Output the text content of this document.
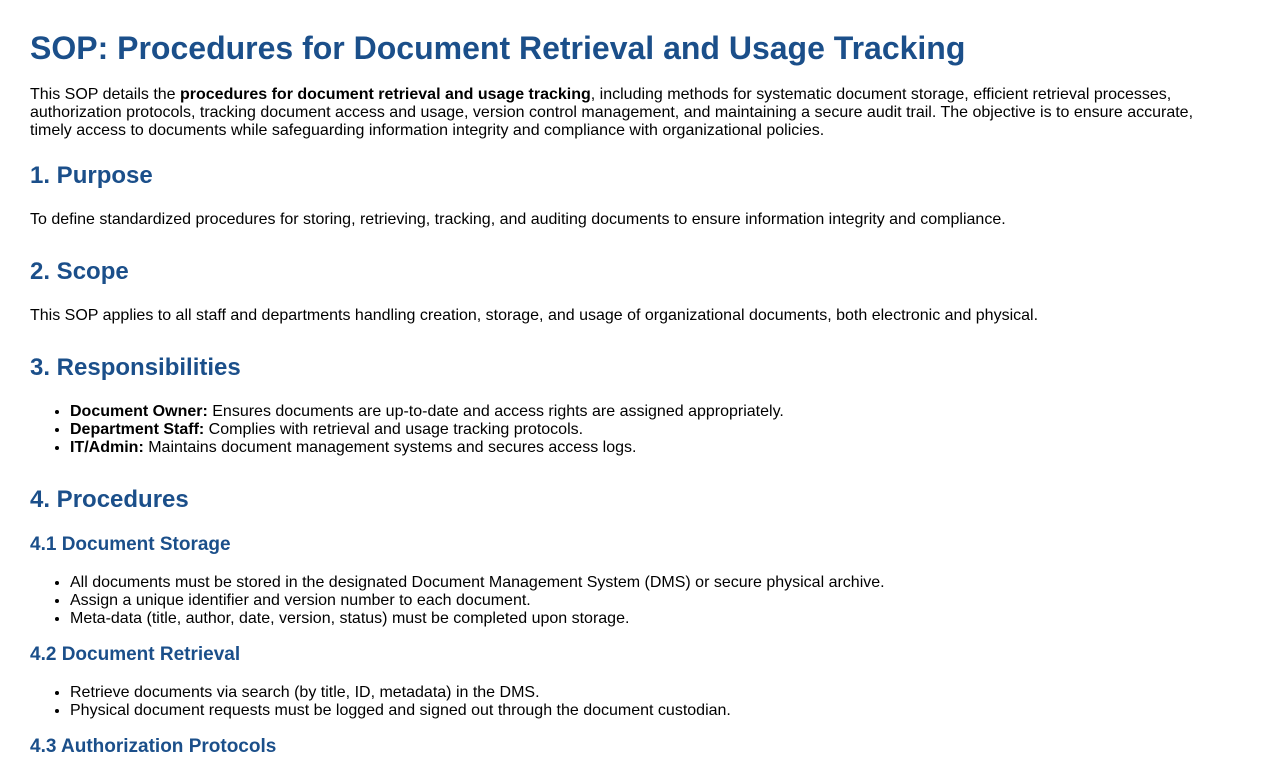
SOP: Procedures for Document Retrieval and Usage Tracking

This SOP details the procedures for document retrieval and usage tracking, including methods for systematic document storage, efficient retrieval processes, authorization protocols, tracking document access and usage, version control management, and maintaining a secure audit trail. The objective is to ensure accurate, timely access to documents while safeguarding information integrity and compliance with organizational policies.

1. Purpose

To define standardized procedures for storing, retrieving, tracking, and auditing documents to ensure information integrity and compliance.

2. Scope

This SOP applies to all staff and departments handling creation, storage, and usage of organizational documents, both electronic and physical.

3. Responsibilities
• Document Owner: Ensures documents are up-to-date and access rights are assigned appropriately.
• Department Staff: Complies with retrieval and usage tracking protocols.
• IT/Admin: Maintains document management systems and secures access logs.
4. Procedures
4.1 Document Storage
• All documents must be stored in the designated Document Management System (DMS) or secure physical archive.
• Assign a unique identifier and version number to each document.
• Meta-data (title, author, date, version, status) must be completed upon storage.
4.2 Document Retrieval
• Retrieve documents via search (by title, ID, metadata) in the DMS.
• Physical document requests must be logged and signed out through the document custodian.
4.3 Authorization Protocols
